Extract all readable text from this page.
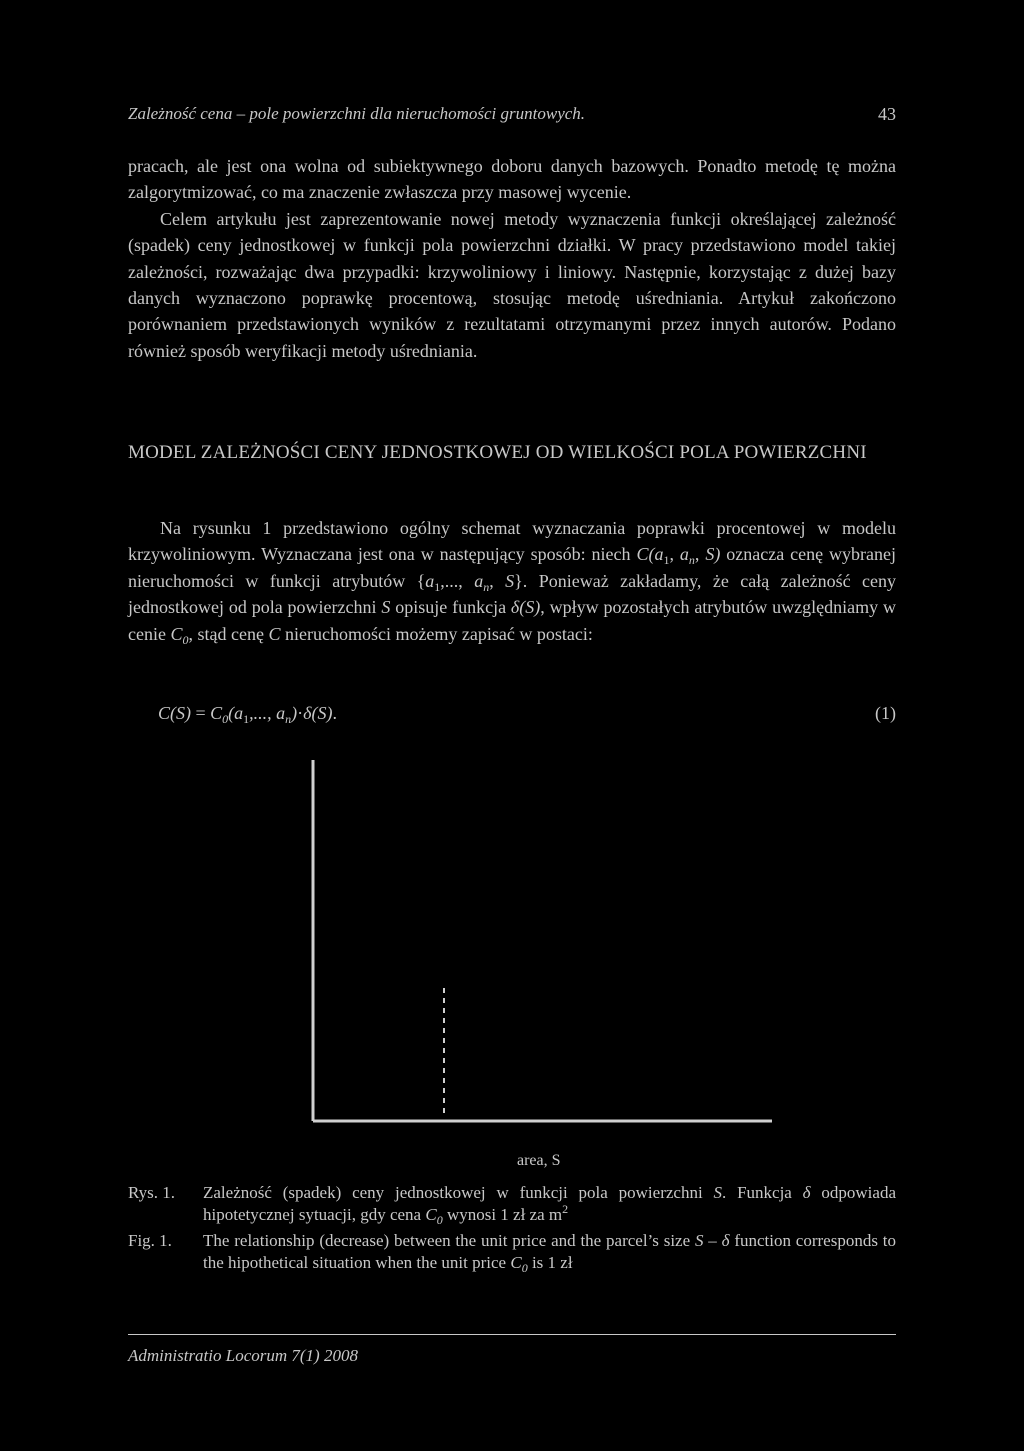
Zależność cena – pole powierzchni dla nieruchomości gruntowych.	43

pracach, ale jest ona wolna od subiektywnego doboru danych bazowych. Ponadto metodę tę można zalgorytmizować, co ma znaczenie zwłaszcza przy masowej wycenie.
Celem artykułu jest zaprezentowanie nowej metody wyznaczenia funkcji określającej zależność (spadek) ceny jednostkowej w funkcji pola powierzchni działki. W pracy przedstawiono model takiej zależności, rozważając dwa przypadki: krzywoliniowy i liniowy. Następnie, korzystając z dużej bazy danych wyznaczono poprawkę procentową, stosując metodę uśredniania. Artykuł zakończono porównaniem przedstawionych wyników z rezultatami otrzymanymi przez innych autorów. Podano również sposób weryfikacji metody uśredniania.

MODEL ZALEŻNOŚCI CENY JEDNOSTKOWEJ OD WIELKOŚCI POLA POWIERZCHNI

Na rysunku 1 przedstawiono ogólny schemat wyznaczania poprawki procentowej w modelu krzywoliniowym. Wyznaczana jest ona w następujący sposób: niech $C(a_1$, $a_n$, S) oznacza cenę wybranej nieruchomości w funkcji atrybutów {$a_1$,..., $a_n$, S}. Ponieważ zakładamy, że całą zależność ceny jednostkowej od pola powierzchni S opisuje funkcja δ(S), wpływ pozostałych atrybutów uwzględniamy w cenie $C_0$, stąd cenę C nieruchomości możemy zapisać w postaci:

$C(S) = C_0(a_1$,..., $a_n)\cdot\delta(S)$.	(1)
area, S
Rys. 1. Zależność (spadek) ceny jednostkowej w funkcji pola powierzchni S. Funkcja δ odpowiada hipotetycznej sytuacji, gdy cena $C_0$ wynosi 1 zł za $m^2$
Fig. 1. The relationship (decrease) between the unit price and the parcel’s size S – δ function corresponds to the hipothetical situation when the unit price $C_0$ is 1 zł
Administratio Locorum 7(1) 2008
